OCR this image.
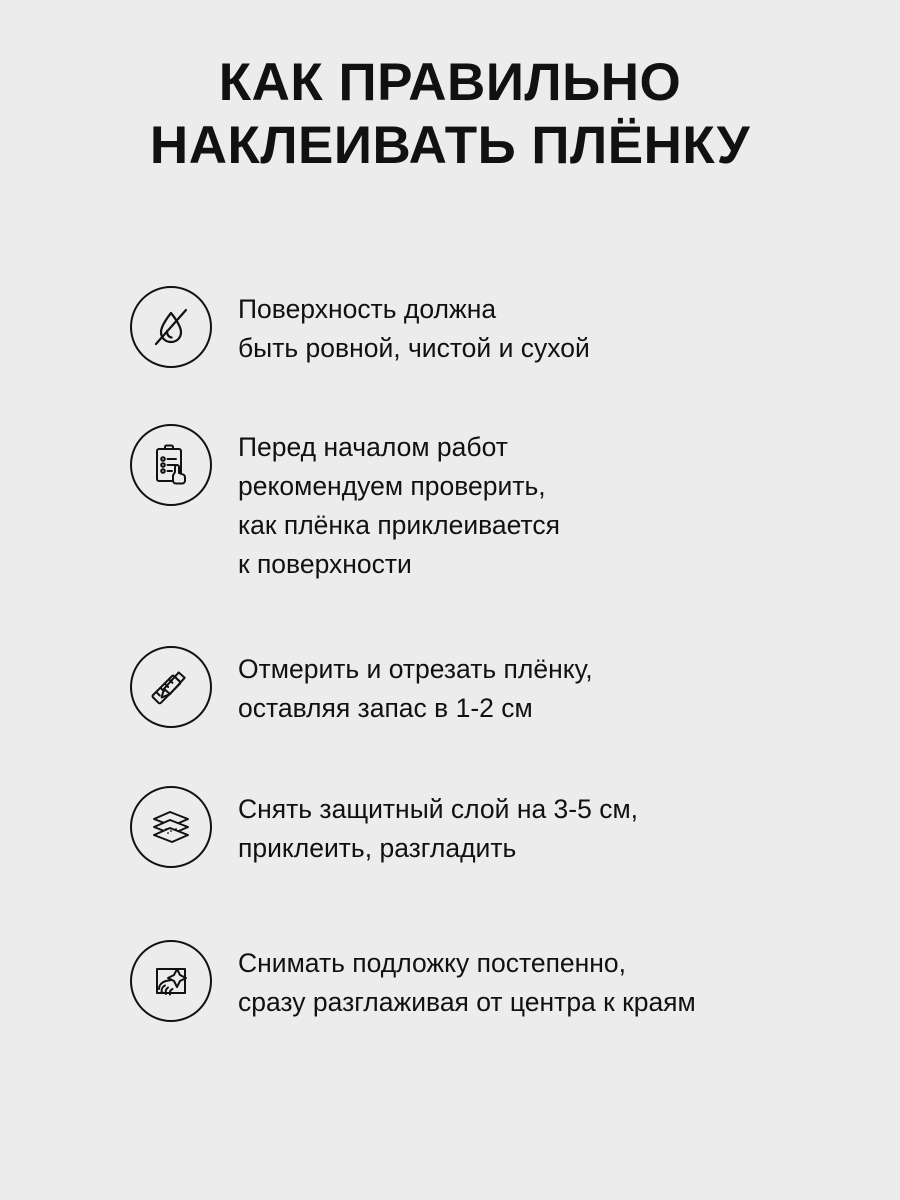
КАК ПРАВИЛЬНО
НАКЛЕИВАТЬ ПЛЁНКУ
Поверхность должна
быть ровной, чистой и сухой
Перед началом работ
рекомендуем проверить,
как плёнка приклеивается
к поверхности
Отмерить и отрезать плёнку,
оставляя запас в 1-2 см
Снять защитный слой на 3-5 см,
приклеить, разгладить
Снимать подложку постепенно,
сразу разглаживая от центра к краям
